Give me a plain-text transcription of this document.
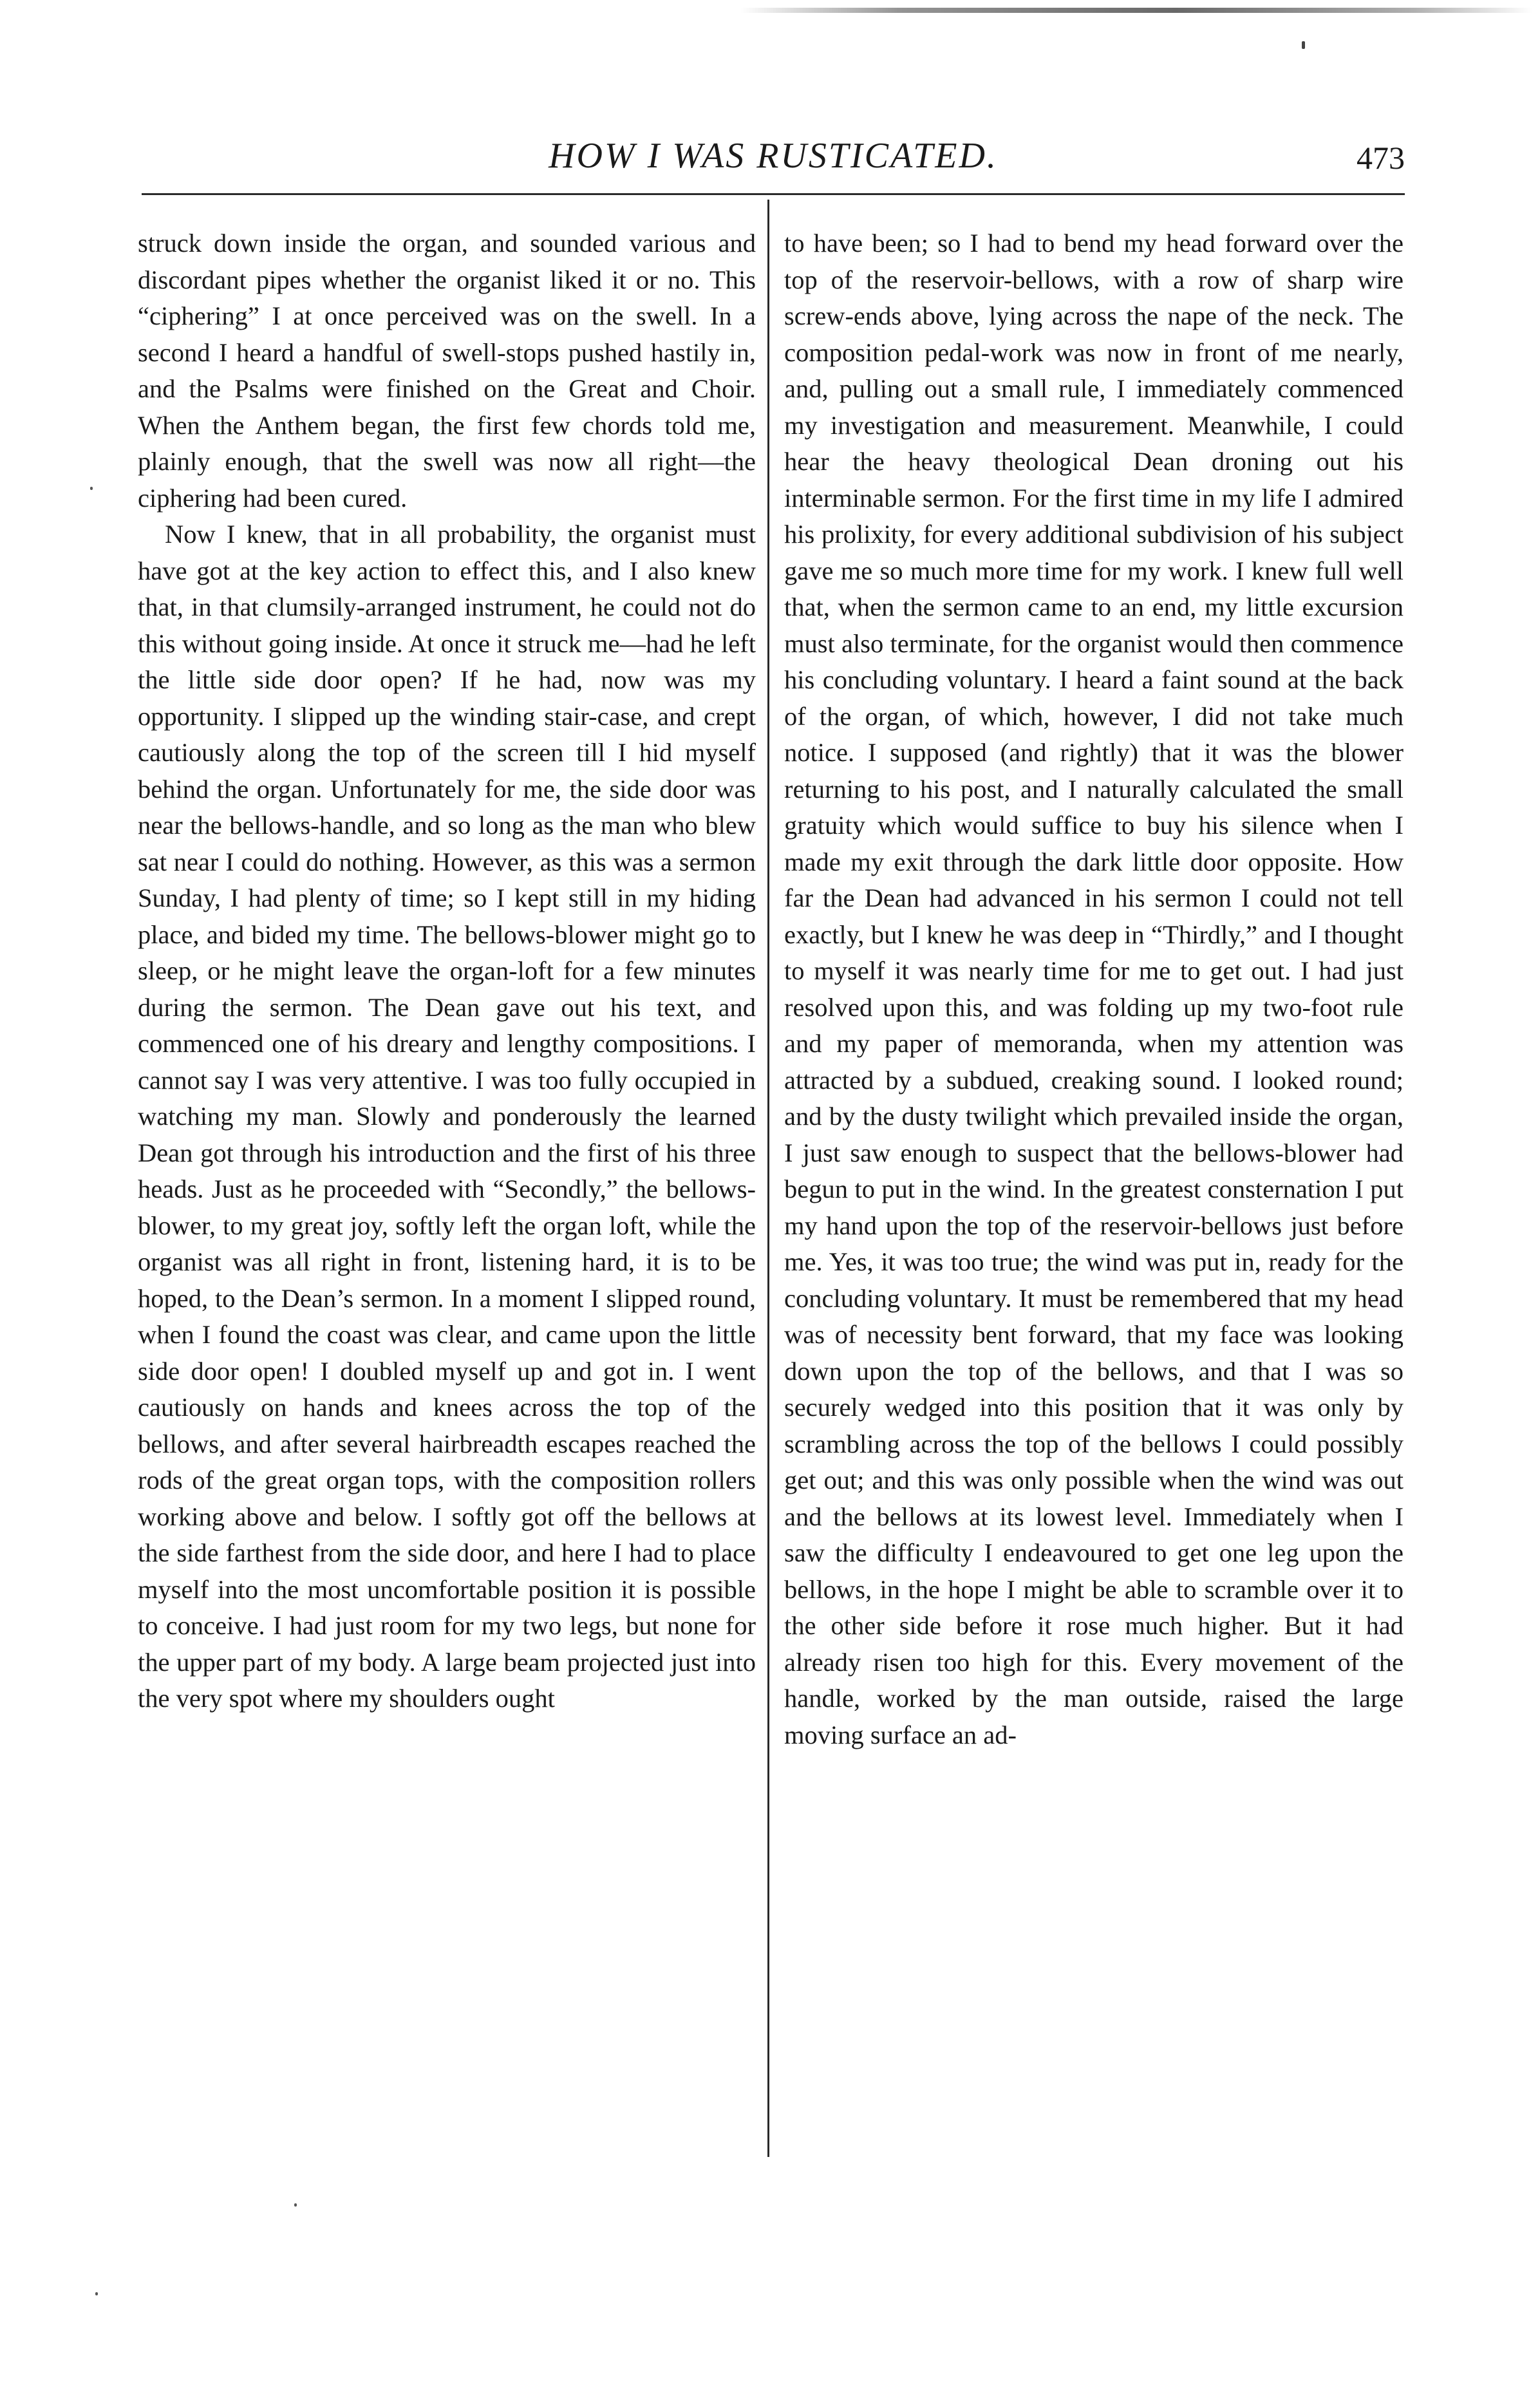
HOW I WAS RUSTICATED.	473

struck down inside the organ, and sounded various and discordant pipes whether the organist liked it or no. This “ciphering” I at once perceived was on the swell. In a second I heard a handful of swell-stops pushed hastily in, and the Psalms were finished on the Great and Choir. When the Anthem began, the first few chords told me, plainly enough, that the swell was now all right—the ciphering had been cured.

Now I knew, that in all probability, the organist must have got at the key action to effect this, and I also knew that, in that clumsily-arranged instrument, he could not do this without going inside. At once it struck me—had he left the little side door open? If he had, now was my opportunity. I slipped up the winding stair-case, and crept cautiously along the top of the screen till I hid myself behind the organ. Unfortunately for me, the side door was near the bellows-handle, and so long as the man who blew sat near I could do nothing. However, as this was a sermon Sunday, I had plenty of time; so I kept still in my hiding place, and bided my time. The bellows-blower might go to sleep, or he might leave the organ-loft for a few minutes during the sermon. The Dean gave out his text, and commenced one of his dreary and lengthy compositions. I cannot say I was very attentive. I was too fully occupied in watching my man. Slowly and ponderously the learned Dean got through his introduction and the first of his three heads. Just as he proceeded with “Secondly,” the bellows-blower, to my great joy, softly left the organ loft, while the organist was all right in front, listening hard, it is to be hoped, to the Dean’s sermon. In a moment I slipped round, when I found the coast was clear, and came upon the little side door open! I doubled myself up and got in. I went cautiously on hands and knees across the top of the bellows, and after several hairbreadth escapes reached the rods of the great organ tops, with the composition rollers working above and below. I softly got off the bellows at the side farthest from the side door, and here I had to place myself into the most uncomfortable position it is possible to conceive. I had just room for my two legs, but none for the upper part of my body. A large beam projected just into the very spot where my shoulders ought

to have been; so I had to bend my head forward over the top of the reservoir-bellows, with a row of sharp wire screw-ends above, lying across the nape of the neck. The composition pedal-work was now in front of me nearly, and, pulling out a small rule, I immediately commenced my investigation and measurement. Meanwhile, I could hear the heavy theological Dean droning out his interminable sermon. For the first time in my life I admired his prolixity, for every additional subdivision of his subject gave me so much more time for my work. I knew full well that, when the sermon came to an end, my little excursion must also terminate, for the organist would then commence his concluding voluntary. I heard a faint sound at the back of the organ, of which, however, I did not take much notice. I supposed (and rightly) that it was the blower returning to his post, and I naturally calculated the small gratuity which would suffice to buy his silence when I made my exit through the dark little door opposite. How far the Dean had advanced in his sermon I could not tell exactly, but I knew he was deep in “Thirdly,” and I thought to myself it was nearly time for me to get out. I had just resolved upon this, and was folding up my two-foot rule and my paper of memoranda, when my attention was attracted by a subdued, creaking sound. I looked round; and by the dusty twilight which prevailed inside the organ, I just saw enough to suspect that the bellows-blower had begun to put in the wind. In the greatest consternation I put my hand upon the top of the reservoir-bellows just before me. Yes, it was too true; the wind was put in, ready for the concluding voluntary. It must be remembered that my head was of necessity bent forward, that my face was looking down upon the top of the bellows, and that I was so securely wedged into this position that it was only by scrambling across the top of the bellows I could possibly get out; and this was only possible when the wind was out and the bellows at its lowest level. Immediately when I saw the difficulty I endeavoured to get one leg upon the bellows, in the hope I might be able to scramble over it to the other side before it rose much higher. But it had already risen too high for this. Every movement of the handle, worked by the man outside, raised the large moving surface an ad-
